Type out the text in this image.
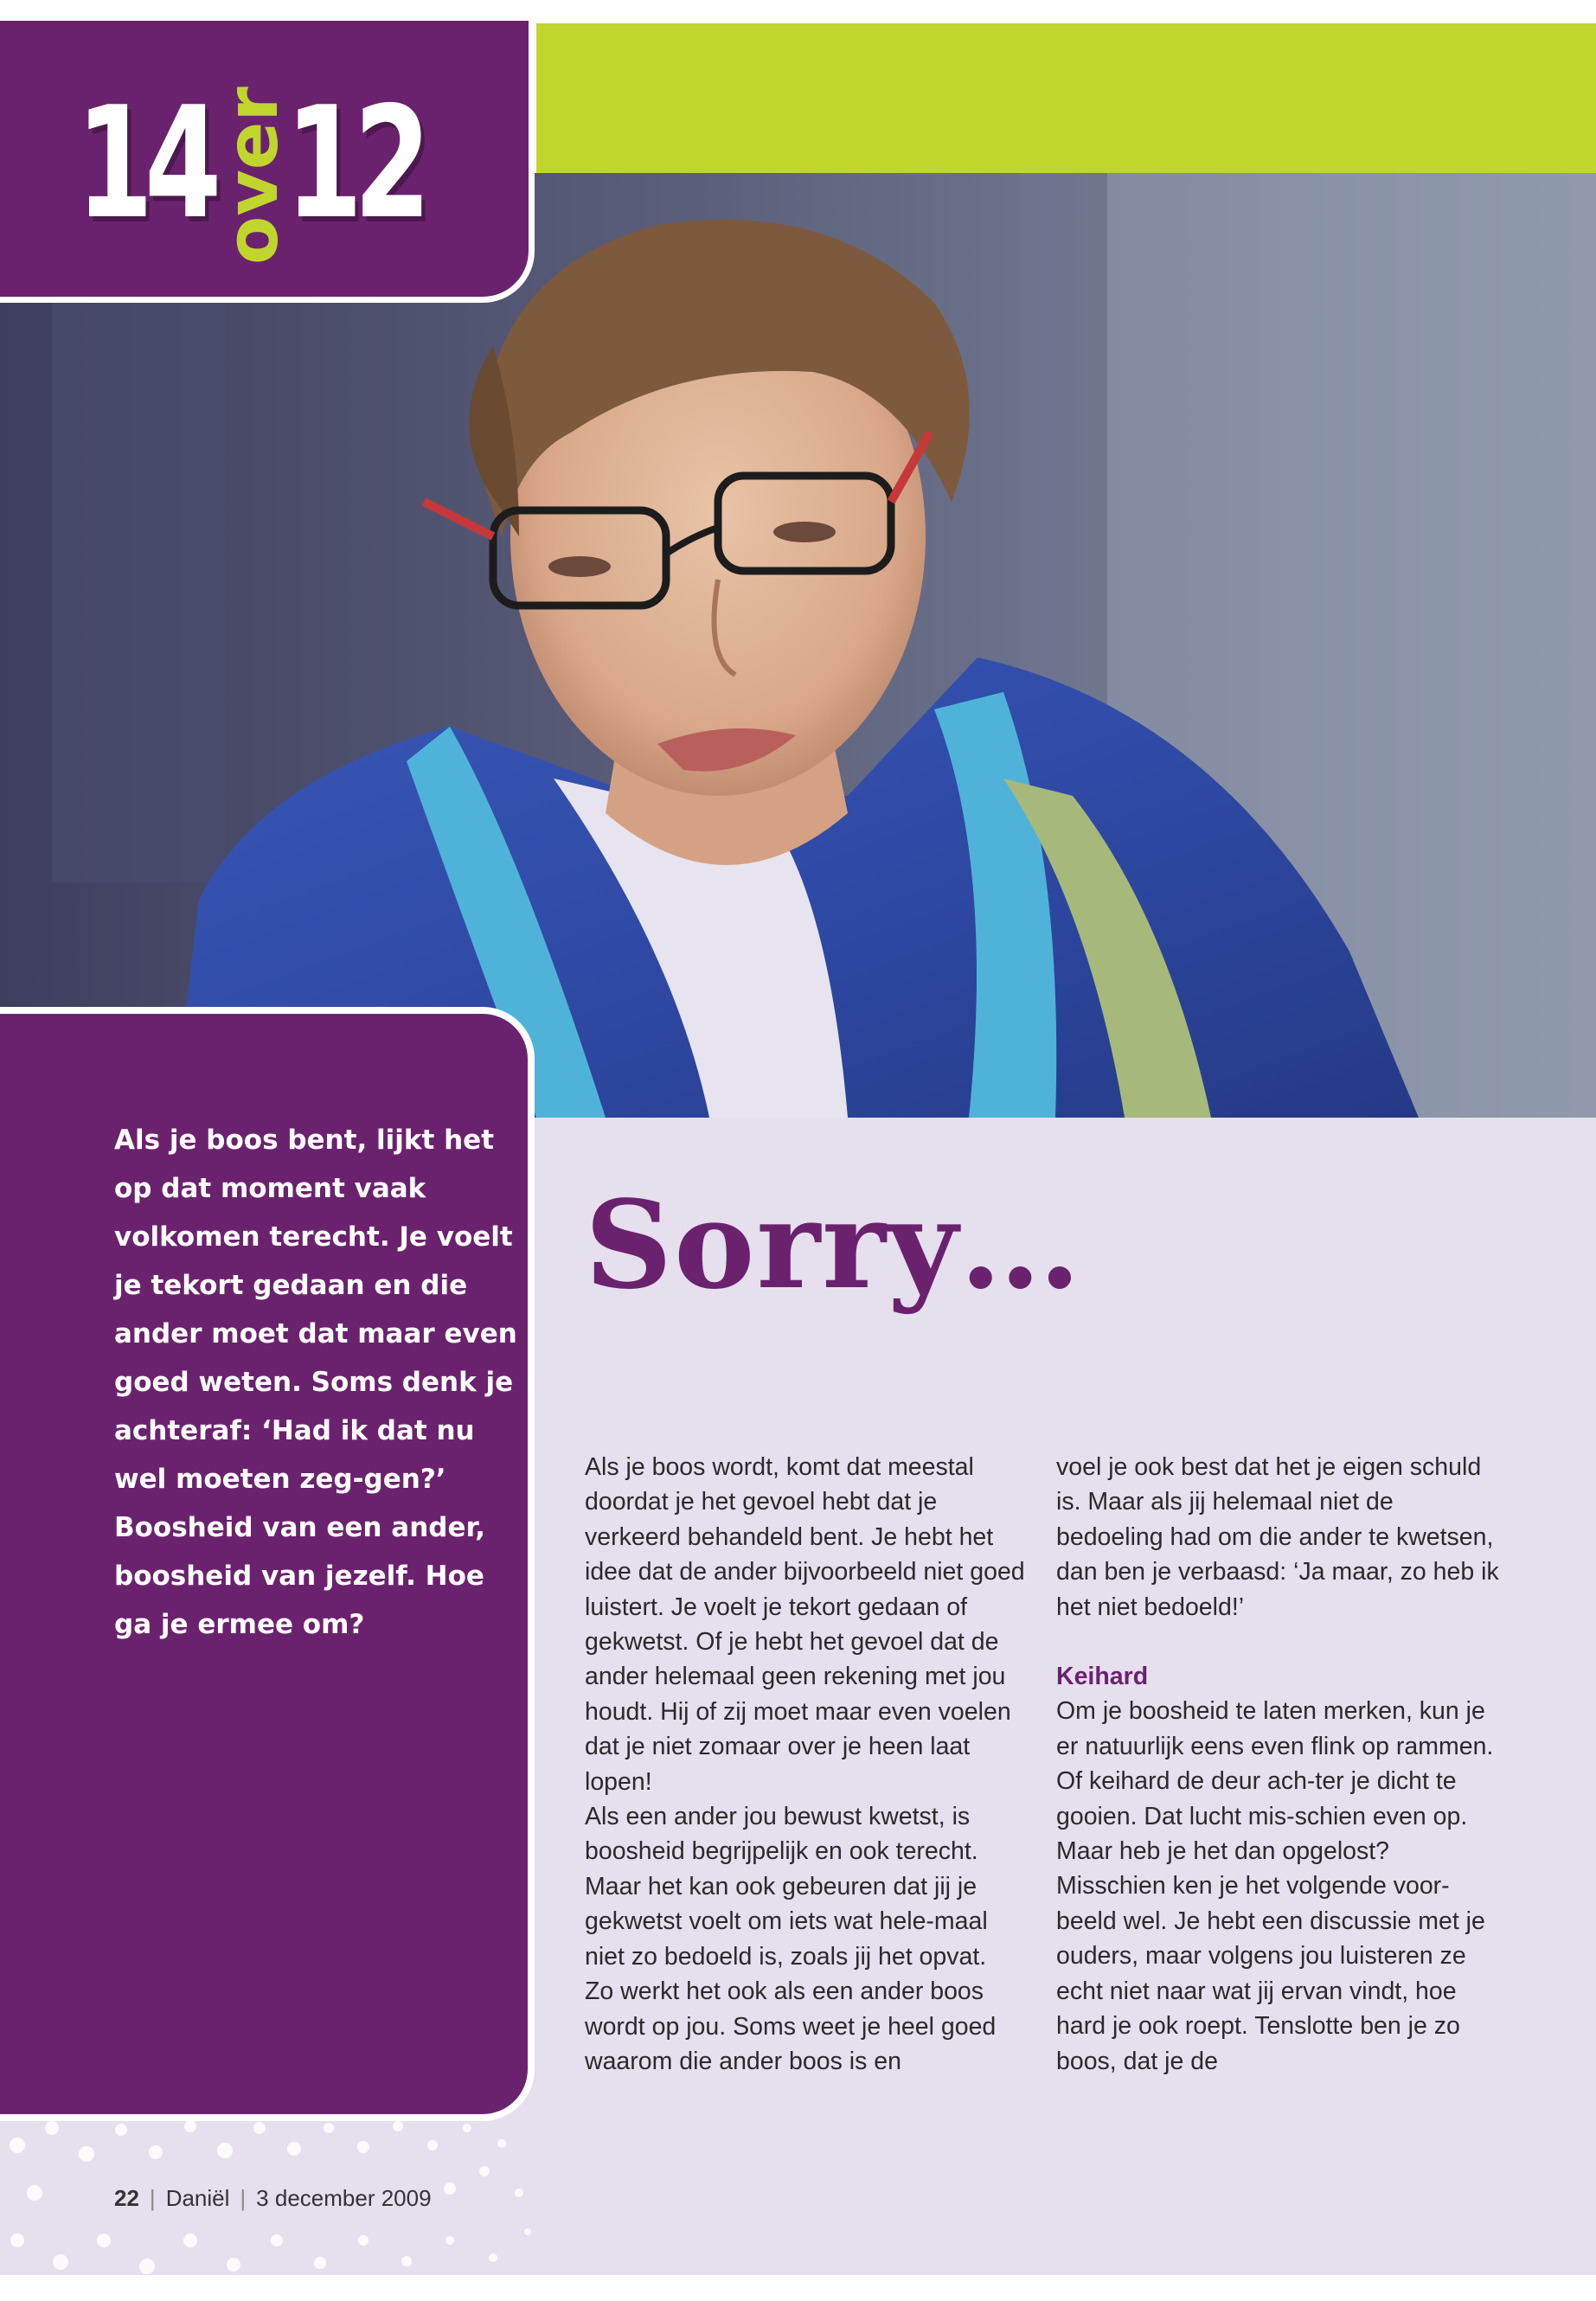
14
over
12

Als je boos bent, lijkt het op dat moment vaak volkomen terecht. Je voelt je tekort gedaan en die ander moet dat maar even goed weten. Soms denk je achteraf: ‘Had ik dat nu wel moeten zeg-gen?’ Boosheid van een ander, boosheid van jezelf. Hoe ga je ermee om?

Sorry…

Als je boos wordt, komt dat meestal doordat je het gevoel hebt dat je verkeerd behandeld bent. Je hebt het idee dat de ander bijvoorbeeld niet goed luistert. Je voelt je tekort gedaan of gekwetst. Of je hebt het gevoel dat de ander helemaal geen rekening met jou houdt. Hij of zij moet maar even voelen dat je niet zomaar over je heen laat lopen!

Als een ander jou bewust kwetst, is boosheid begrijpelijk en ook terecht. Maar het kan ook gebeuren dat jij je gekwetst voelt om iets wat hele-maal niet zo bedoeld is, zoals jij het opvat.

Zo werkt het ook als een ander boos wordt op jou. Soms weet je heel goed waarom die ander boos is en

voel je ook best dat het je eigen schuld is. Maar als jij helemaal niet de bedoeling had om die ander te kwetsen, dan ben je verbaasd: ‘Ja maar, zo heb ik het niet bedoeld!’

Keihard

Om je boosheid te laten merken, kun je er natuurlijk eens even flink op rammen. Of keihard de deur ach-ter je dicht te gooien. Dat lucht mis-schien even op. Maar heb je het dan opgelost?

Misschien ken je het volgende voor-beeld wel. Je hebt een discussie met je ouders, maar volgens jou luisteren ze echt niet naar wat jij ervan vindt, hoe hard je ook roept. Tenslotte ben je zo boos, dat je de

22 | Daniël | 3 december 2009
